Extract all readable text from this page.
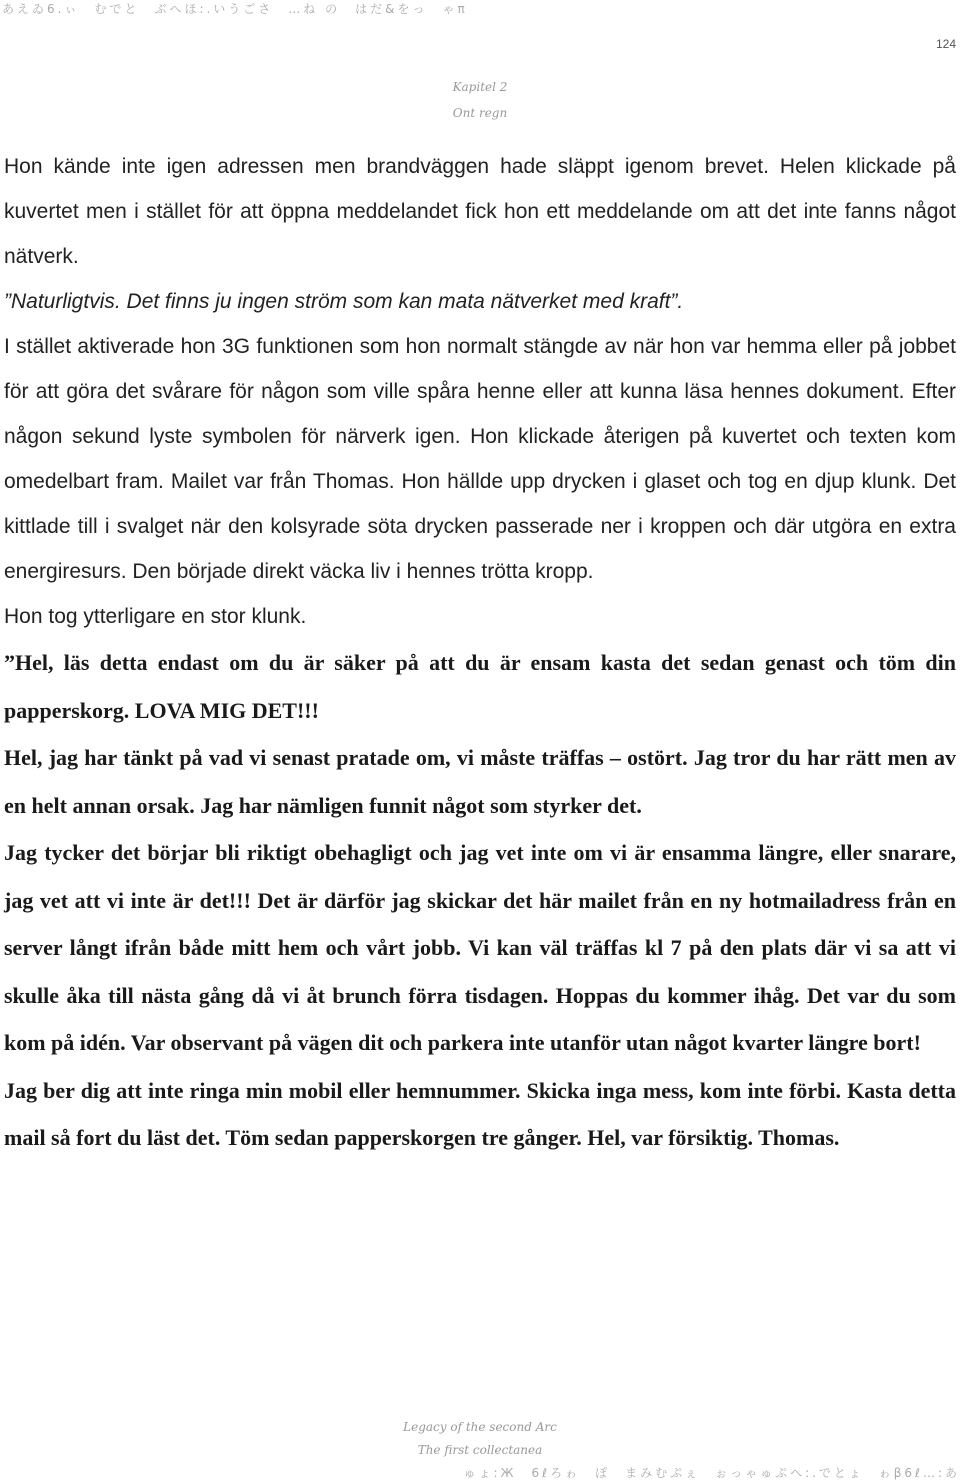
あえゐ6.ぃ　むでと　ぶへほ:.いうごさ　…ね の　はだ&をっ　ゃπ
124
Kapitel 2
Ont regn

Hon kände inte igen adressen men brandväggen hade släppt igenom brevet. Helen klickade på kuvertet men i stället för att öppna meddelandet fick hon ett meddelande om att det inte fanns något nätverk.

”Naturligtvis. Det finns ju ingen ström som kan mata nätverket med kraft”.

I stället aktiverade hon 3G funktionen som hon normalt stängde av när hon var hemma eller på jobbet för att göra det svårare för någon som ville spåra henne eller att kunna läsa hennes dokument. Efter någon sekund lyste symbolen för närverk igen. Hon klickade återigen på kuvertet och texten kom omedelbart fram. Mailet var från Thomas. Hon hällde upp drycken i glaset och tog en djup klunk. Det kittlade till i svalget när den kolsyrade söta drycken passerade ner i kroppen och där utgöra en extra energiresurs. Den började direkt väcka liv i hennes trötta kropp.

Hon tog ytterligare en stor klunk.

”Hel, läs detta endast om du är säker på att du är ensam kasta det sedan genast och töm din papperskorg. LOVA MIG DET!!!

Hel, jag har tänkt på vad vi senast pratade om, vi måste träffas – ostört. Jag tror du har rätt men av en helt annan orsak. Jag har nämligen funnit något som styrker det.

Jag tycker det börjar bli riktigt obehagligt och jag vet inte om vi är ensamma längre, eller snarare, jag vet att vi inte är det!!! Det är därför jag skickar det här mailet från en ny hotmailadress från en server långt ifrån både mitt hem och vårt jobb. Vi kan väl träffas kl 7 på den plats där vi sa att vi skulle åka till nästa gång då vi åt brunch förra tisdagen. Hoppas du kommer ihåg. Det var du som kom på idén. Var observant på vägen dit och parkera inte utanför utan något kvarter längre bort!

Jag ber dig att inte ringa min mobil eller hemnummer. Skicka inga mess, kom inte förbi. Kasta detta mail så fort du läst det. Töm sedan papperskorgen tre gånger. Hel, var försiktig. Thomas.

Legacy of the second Arc
The first collectanea
ゅょ:Ж　6ℓろゎ　ぽ　まみむぷぇ　ぉっゃゅぷへ:.でとょ　ゎβ6ℓ…:あ
